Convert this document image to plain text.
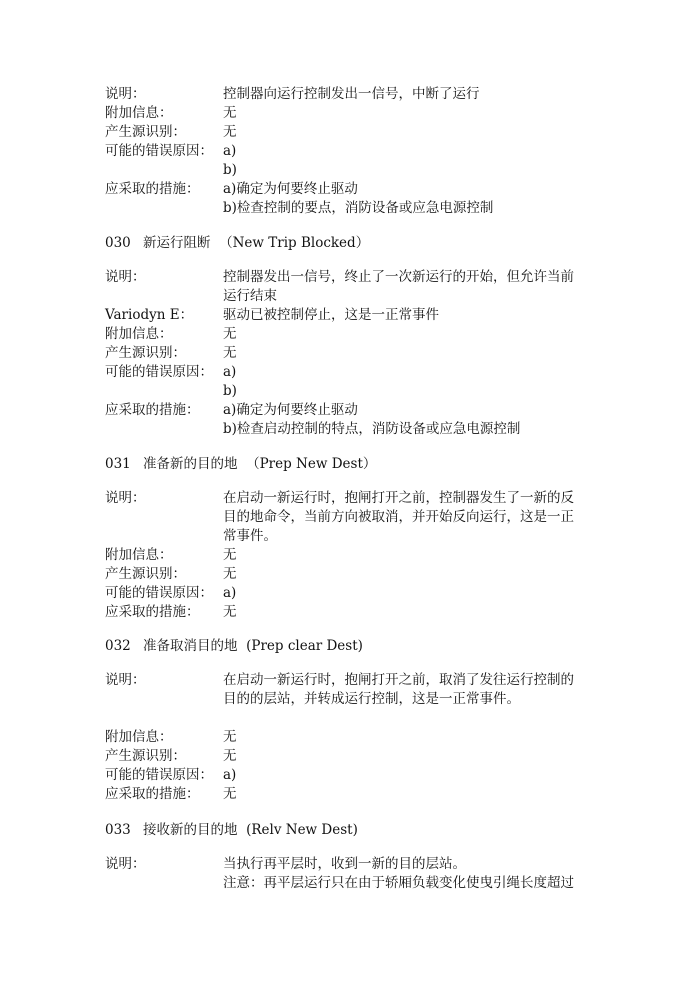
说明：	控制器向运行控制发出一信号，中断了运行

附加信息：	无

产生源识别：	无

可能的错误原因： a)

b)

应采取的措施： a)确定为何要终止驱动

b)检查控制的要点，消防设备或应急电源控制

030 新运行阻断 （New Trip Blocked）
说明：	控制器发出一信号，终止了一次新运行的开始，但允许当前

运行结束

Variodyn E： 驱动已被控制停止，这是一正常事件

附加信息：	无

产生源识别：	无

可能的错误原因： a)

b)

应采取的措施： a)确定为何要终止驱动

b)检查启动控制的特点，消防设备或应急电源控制

031 准备新的目的地 （Prep New Dest）
说明：	在启动一新运行时，抱闸打开之前，控制器发生了一新的反

目的地命令，当前方向被取消，并开始反向运行，这是一正

常事件。

附加信息：	无

产生源识别：	无

可能的错误原因： a)

应采取的措施： 无

032 准备取消目的地 (Prep clear Dest)
说明：	在启动一新运行时，抱闸打开之前，取消了发往运行控制的

目的的层站，并转成运行控制，这是一正常事件。

附加信息：	无

产生源识别：	无

可能的错误原因： a)

应采取的措施： 无

033 接收新的目的地 (Relv New Dest)
说明：	当执行再平层时，收到一新的目的层站。

注意：再平层运行只在由于轿厢负载变化使曳引绳长度超过
